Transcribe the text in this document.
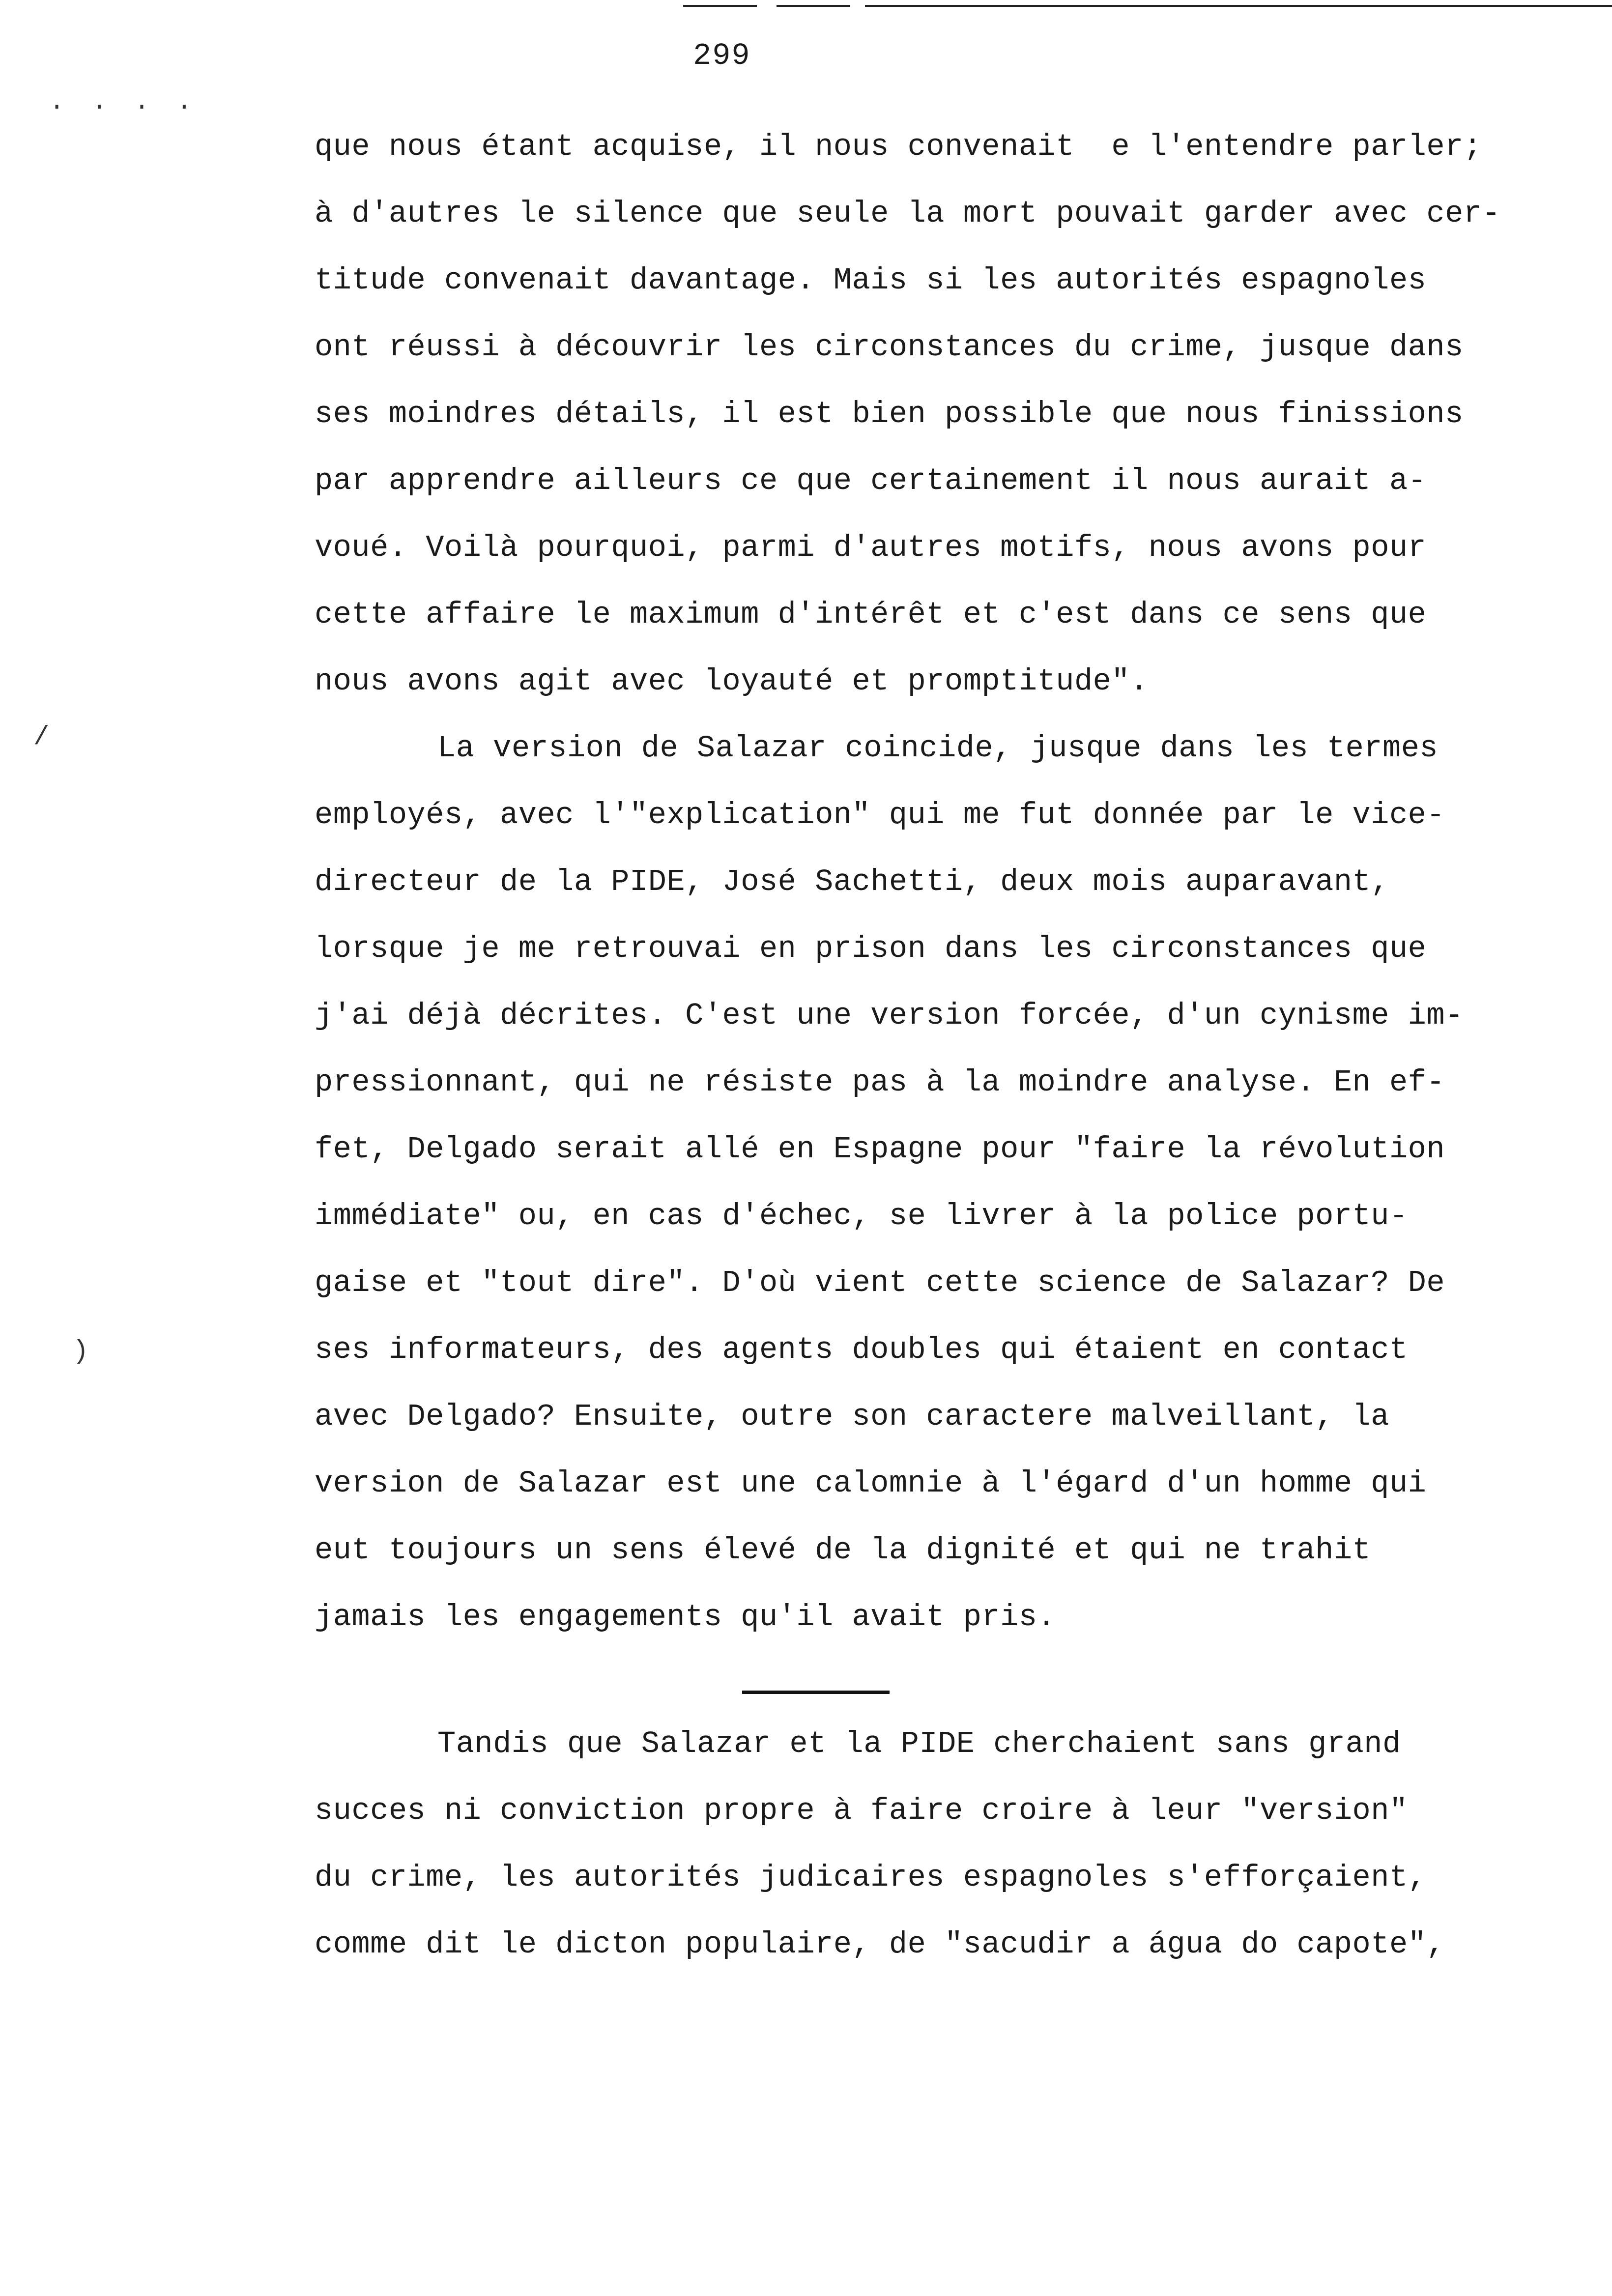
299
. . . .
/
)
que nous étant acquise, il nous convenait  e l'entendre parler;
à d'autres le silence que seule la mort pouvait garder avec cer-
titude convenait davantage. Mais si les autorités espagnoles
ont réussi à découvrir les circonstances du crime, jusque dans
ses moindres détails, il est bien possible que nous finissions
par apprendre ailleurs ce que certainement il nous aurait a-
voué. Voilà pourquoi, parmi d'autres motifs, nous avons pour
cette affaire le maximum d'intérêt et c'est dans ce sens que
nous avons agit avec loyauté et promptitude".
La version de Salazar coincide, jusque dans les termes
employés, avec l'"explication" qui me fut donnée par le vice-
directeur de la PIDE, José Sachetti, deux mois auparavant,
lorsque je me retrouvai en prison dans les circonstances que
j'ai déjà décrites. C'est une version forcée, d'un cynisme im-
pressionnant, qui ne résiste pas à la moindre analyse. En ef-
fet, Delgado serait allé en Espagne pour "faire la révolution
immédiate" ou, en cas d'échec, se livrer à la police portu-
gaise et "tout dire". D'où vient cette science de Salazar? De
ses informateurs, des agents doubles qui étaient en contact
avec Delgado? Ensuite, outre son caractere malveillant, la
version de Salazar est une calomnie à l'égard d'un homme qui
eut toujours un sens élevé de la dignité et qui ne trahit
jamais les engagements qu'il avait pris.
Tandis que Salazar et la PIDE cherchaient sans grand
succes ni conviction propre à faire croire à leur "version"
du crime, les autorités judicaires espagnoles s'efforçaient,
comme dit le dicton populaire, de "sacudir a água do capote",
